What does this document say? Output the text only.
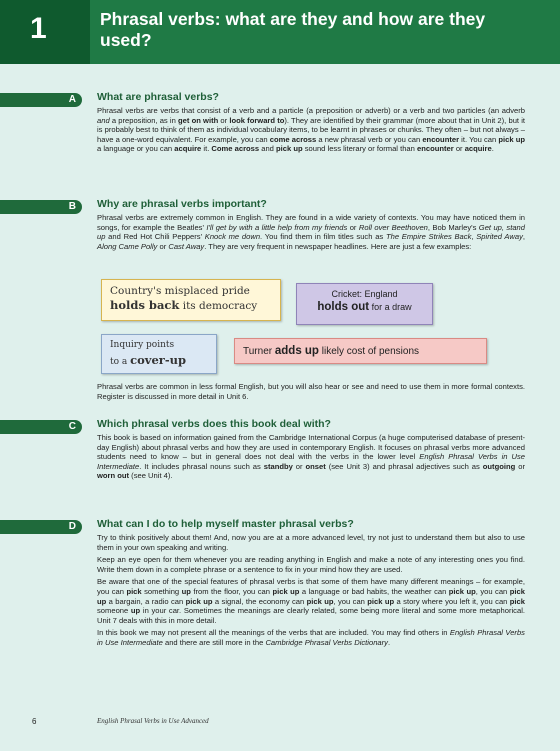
1	Phrasal verbs: what are they and how are they used?
A What are phrasal verbs?
Phrasal verbs are verbs that consist of a verb and a particle (a preposition or adverb) or a verb and two particles (an adverb and a preposition, as in get on with or look forward to). They are identified by their grammar (more about that in Unit 2), but it is probably best to think of them as individual vocabulary items, to be learnt in phrases or chunks. They often – but not always – have a one-word equivalent. For example, you can come across a new phrasal verb or you can encounter it. You can pick up a language or you can acquire it. Come across and pick up sound less literary or formal than encounter or acquire.
B Why are phrasal verbs important?
Phrasal verbs are extremely common in English. They are found in a wide variety of contexts. You may have noticed them in songs, for example the Beatles' I'll get by with a little help from my friends or Roll over Beethoven, Bob Marley's Get up, stand up and Red Hot Chili Peppers' Knock me down. You find them in film titles such as The Empire Strikes Back, Spirited Away, Along Came Polly or Cast Away. They are very frequent in newspaper headlines. Here are just a few examples:
Country's misplaced pride
holds back its democracy
Cricket: England
holds out for a draw
Inquiry points
to a cover-up
Turner adds up likely cost of pensions
Phrasal verbs are common in less formal English, but you will also hear or see and need to use them in more formal contexts. Register is discussed in more detail in Unit 6.
C Which phrasal verbs does this book deal with?
This book is based on information gained from the Cambridge International Corpus (a huge computerised database of present-day English) about phrasal verbs and how they are used in contemporary English. It focuses on phrasal verbs more advanced students need to know – but in general does not deal with the verbs in the lower level English Phrasal Verbs in Use Intermediate. It includes phrasal nouns such as standby or onset (see Unit 3) and phrasal adjectives such as outgoing or worn out (see Unit 4).
D What can I do to help myself master phrasal verbs?
Try to think positively about them! And, now you are at a more advanced level, try not just to understand them but also to use them in your own speaking and writing.
Keep an eye open for them whenever you are reading anything in English and make a note of any interesting ones you find. Write them down in a complete phrase or a sentence to fix in your mind how they are used.
Be aware that one of the special features of phrasal verbs is that some of them have many different meanings – for example, you can pick something up from the floor, you can pick up a language or bad habits, the weather can pick up, you can pick up a bargain, a radio can pick up a signal, the economy can pick up, you can pick up a story where you left it, you can pick someone up in your car. Sometimes the meanings are clearly related, some being more literal and some more metaphorical. Unit 7 deals with this in more detail.
In this book we may not present all the meanings of the verbs that are included. You may find others in English Phrasal Verbs in Use Intermediate and there are still more in the Cambridge Phrasal Verbs Dictionary.
6	English Phrasal Verbs in Use Advanced
